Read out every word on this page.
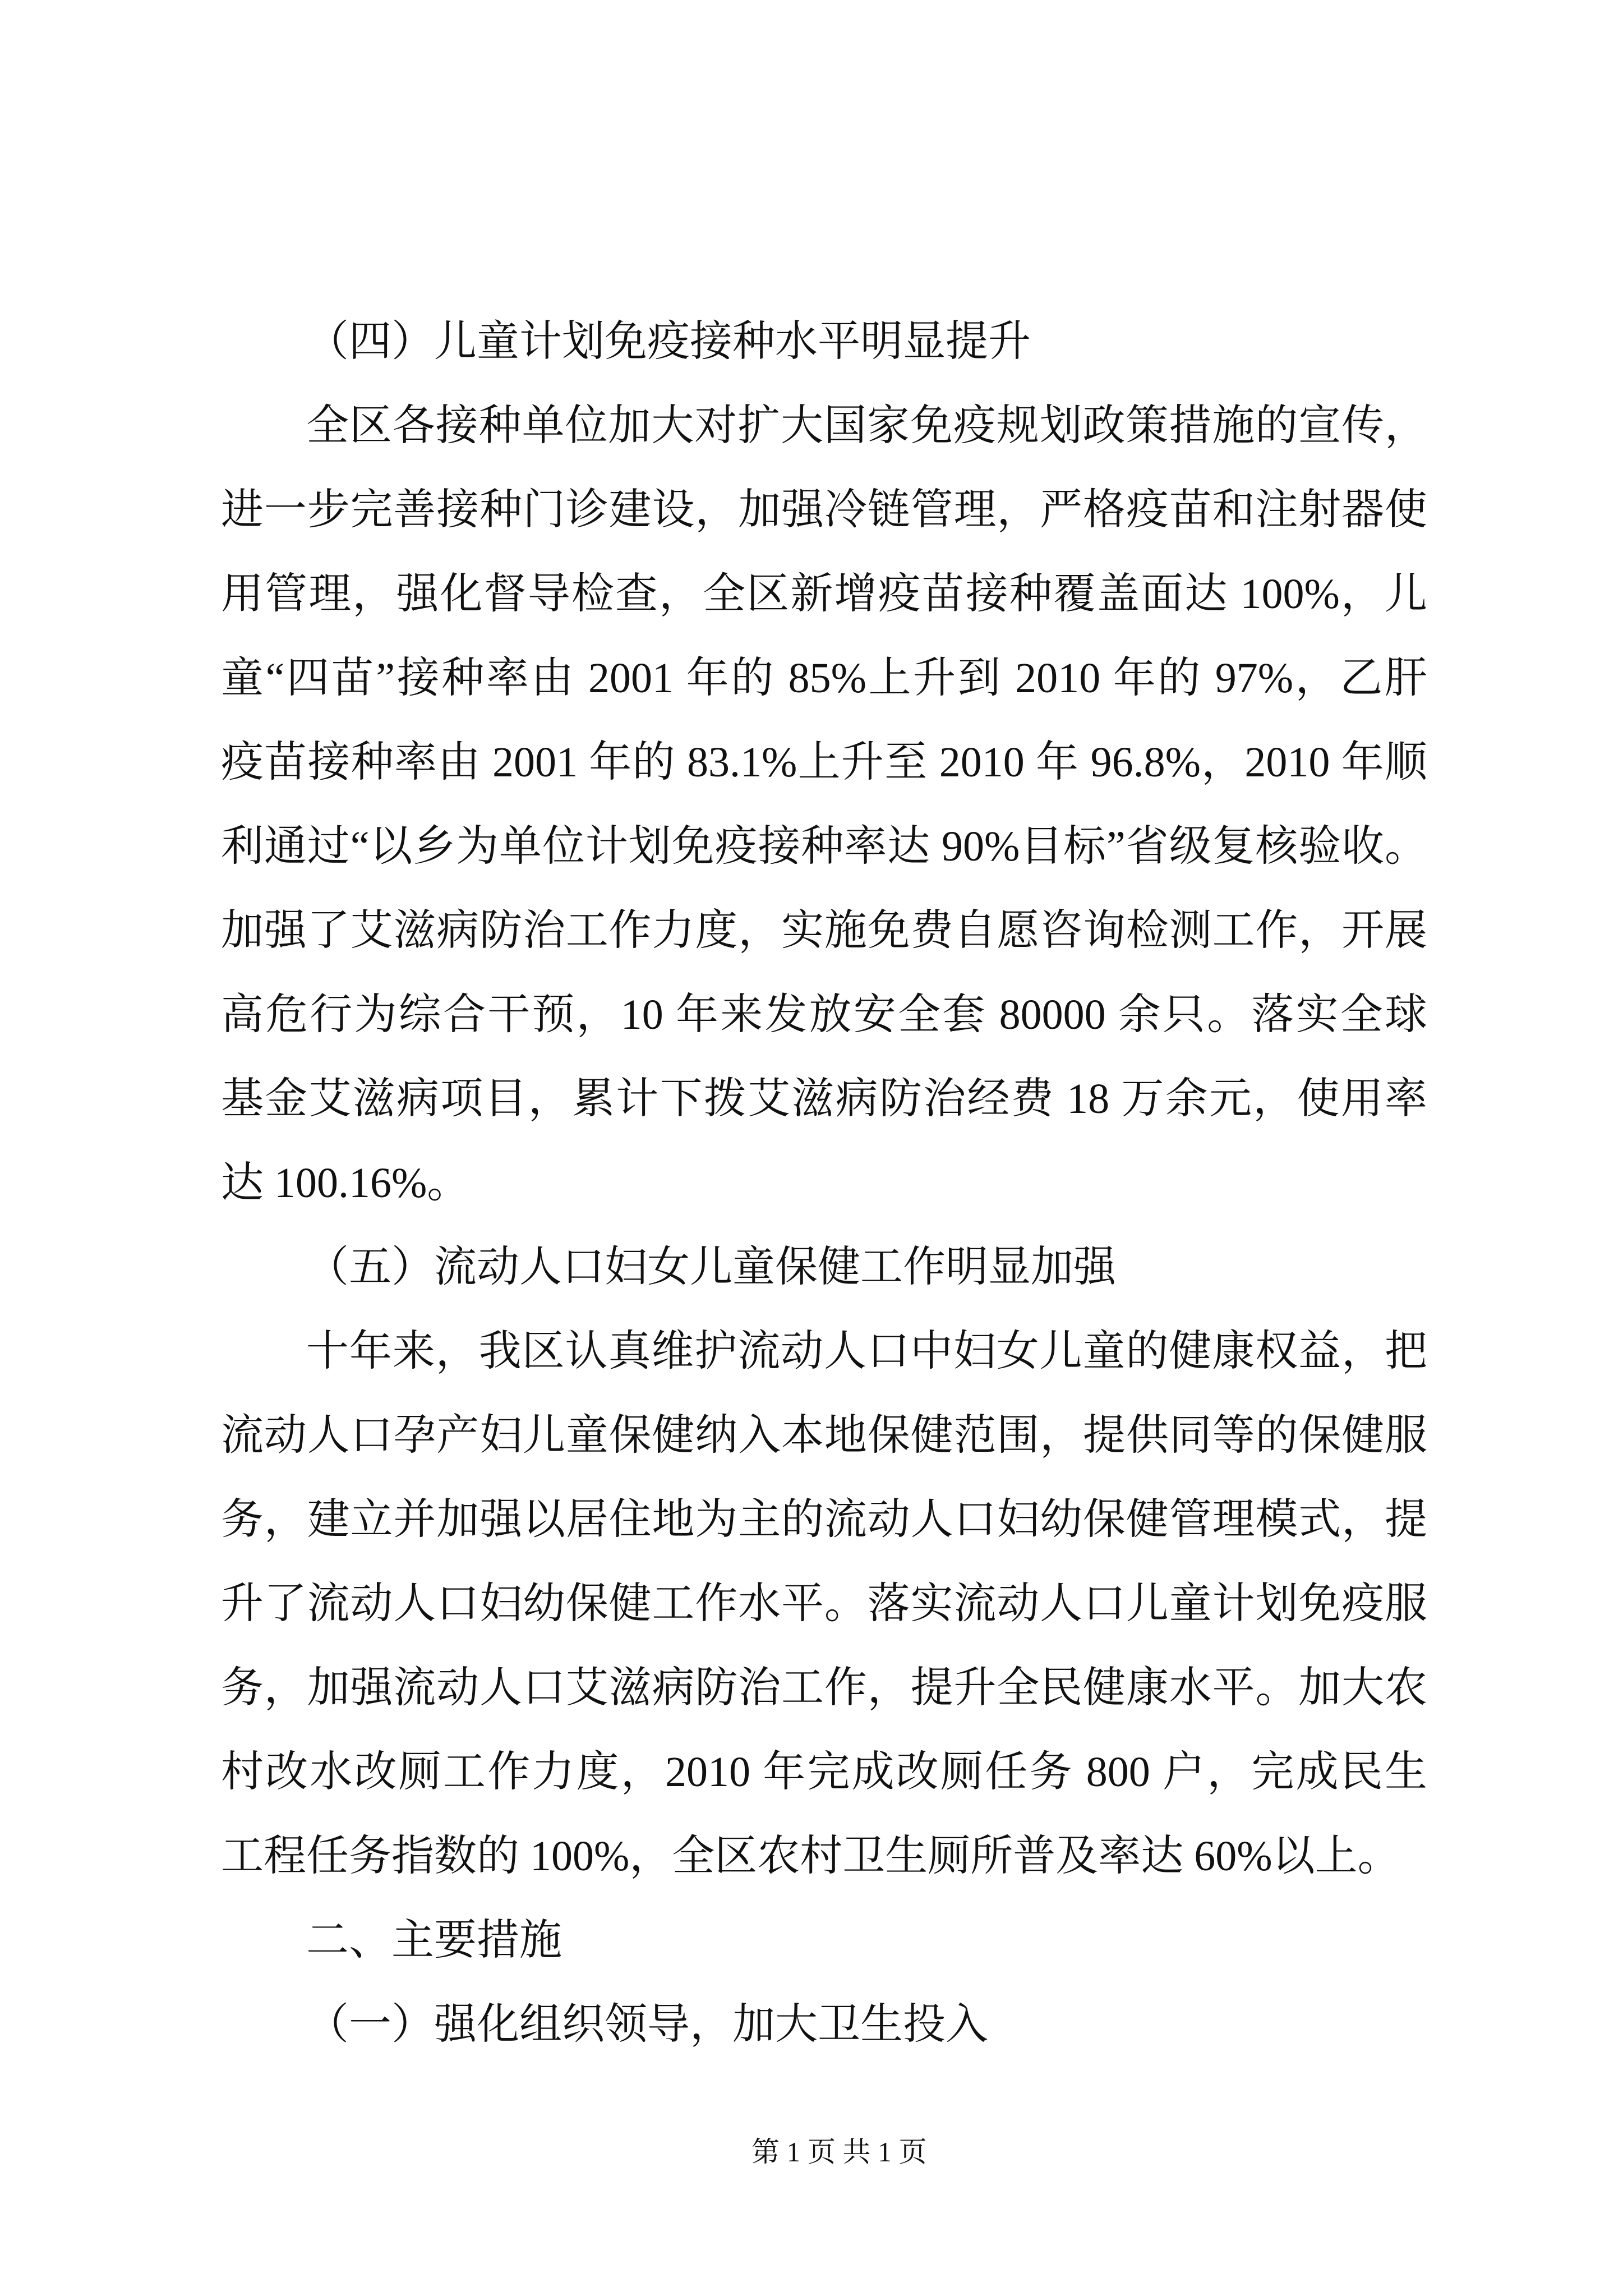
（四）儿童计划免疫接种水平明显提升
全区各接种单位加大对扩大国家免疫规划政策措施的宣传，
进一步完善接种门诊建设，加强冷链管理，严格疫苗和注射器使
用管理，强化督导检查，全区新增疫苗接种覆盖面达 100%，儿
童“四苗”接种率由 2001 年的 85%上升到 2010 年的 97%，乙肝
疫苗接种率由 2001 年的 83.1%上升至 2010 年 96.8%，2010 年顺
利通过“以乡为单位计划免疫接种率达 90%目标”省级复核验收。
加强了艾滋病防治工作力度，实施免费自愿咨询检测工作，开展
高危行为综合干预，10 年来发放安全套 80000 余只。落实全球
基金艾滋病项目，累计下拨艾滋病防治经费 18 万余元，使用率
达 100.16%。
（五）流动人口妇女儿童保健工作明显加强
十年来，我区认真维护流动人口中妇女儿童的健康权益，把
流动人口孕产妇儿童保健纳入本地保健范围，提供同等的保健服
务，建立并加强以居住地为主的流动人口妇幼保健管理模式，提
升了流动人口妇幼保健工作水平。落实流动人口儿童计划免疫服
务，加强流动人口艾滋病防治工作，提升全民健康水平。加大农
村改水改厕工作力度，2010 年完成改厕任务 800 户，完成民生
工程任务指数的 100%，全区农村卫生厕所普及率达 60%以上。
二、主要措施
（一）强化组织领导，加大卫生投入
第 1 页 共 1 页
